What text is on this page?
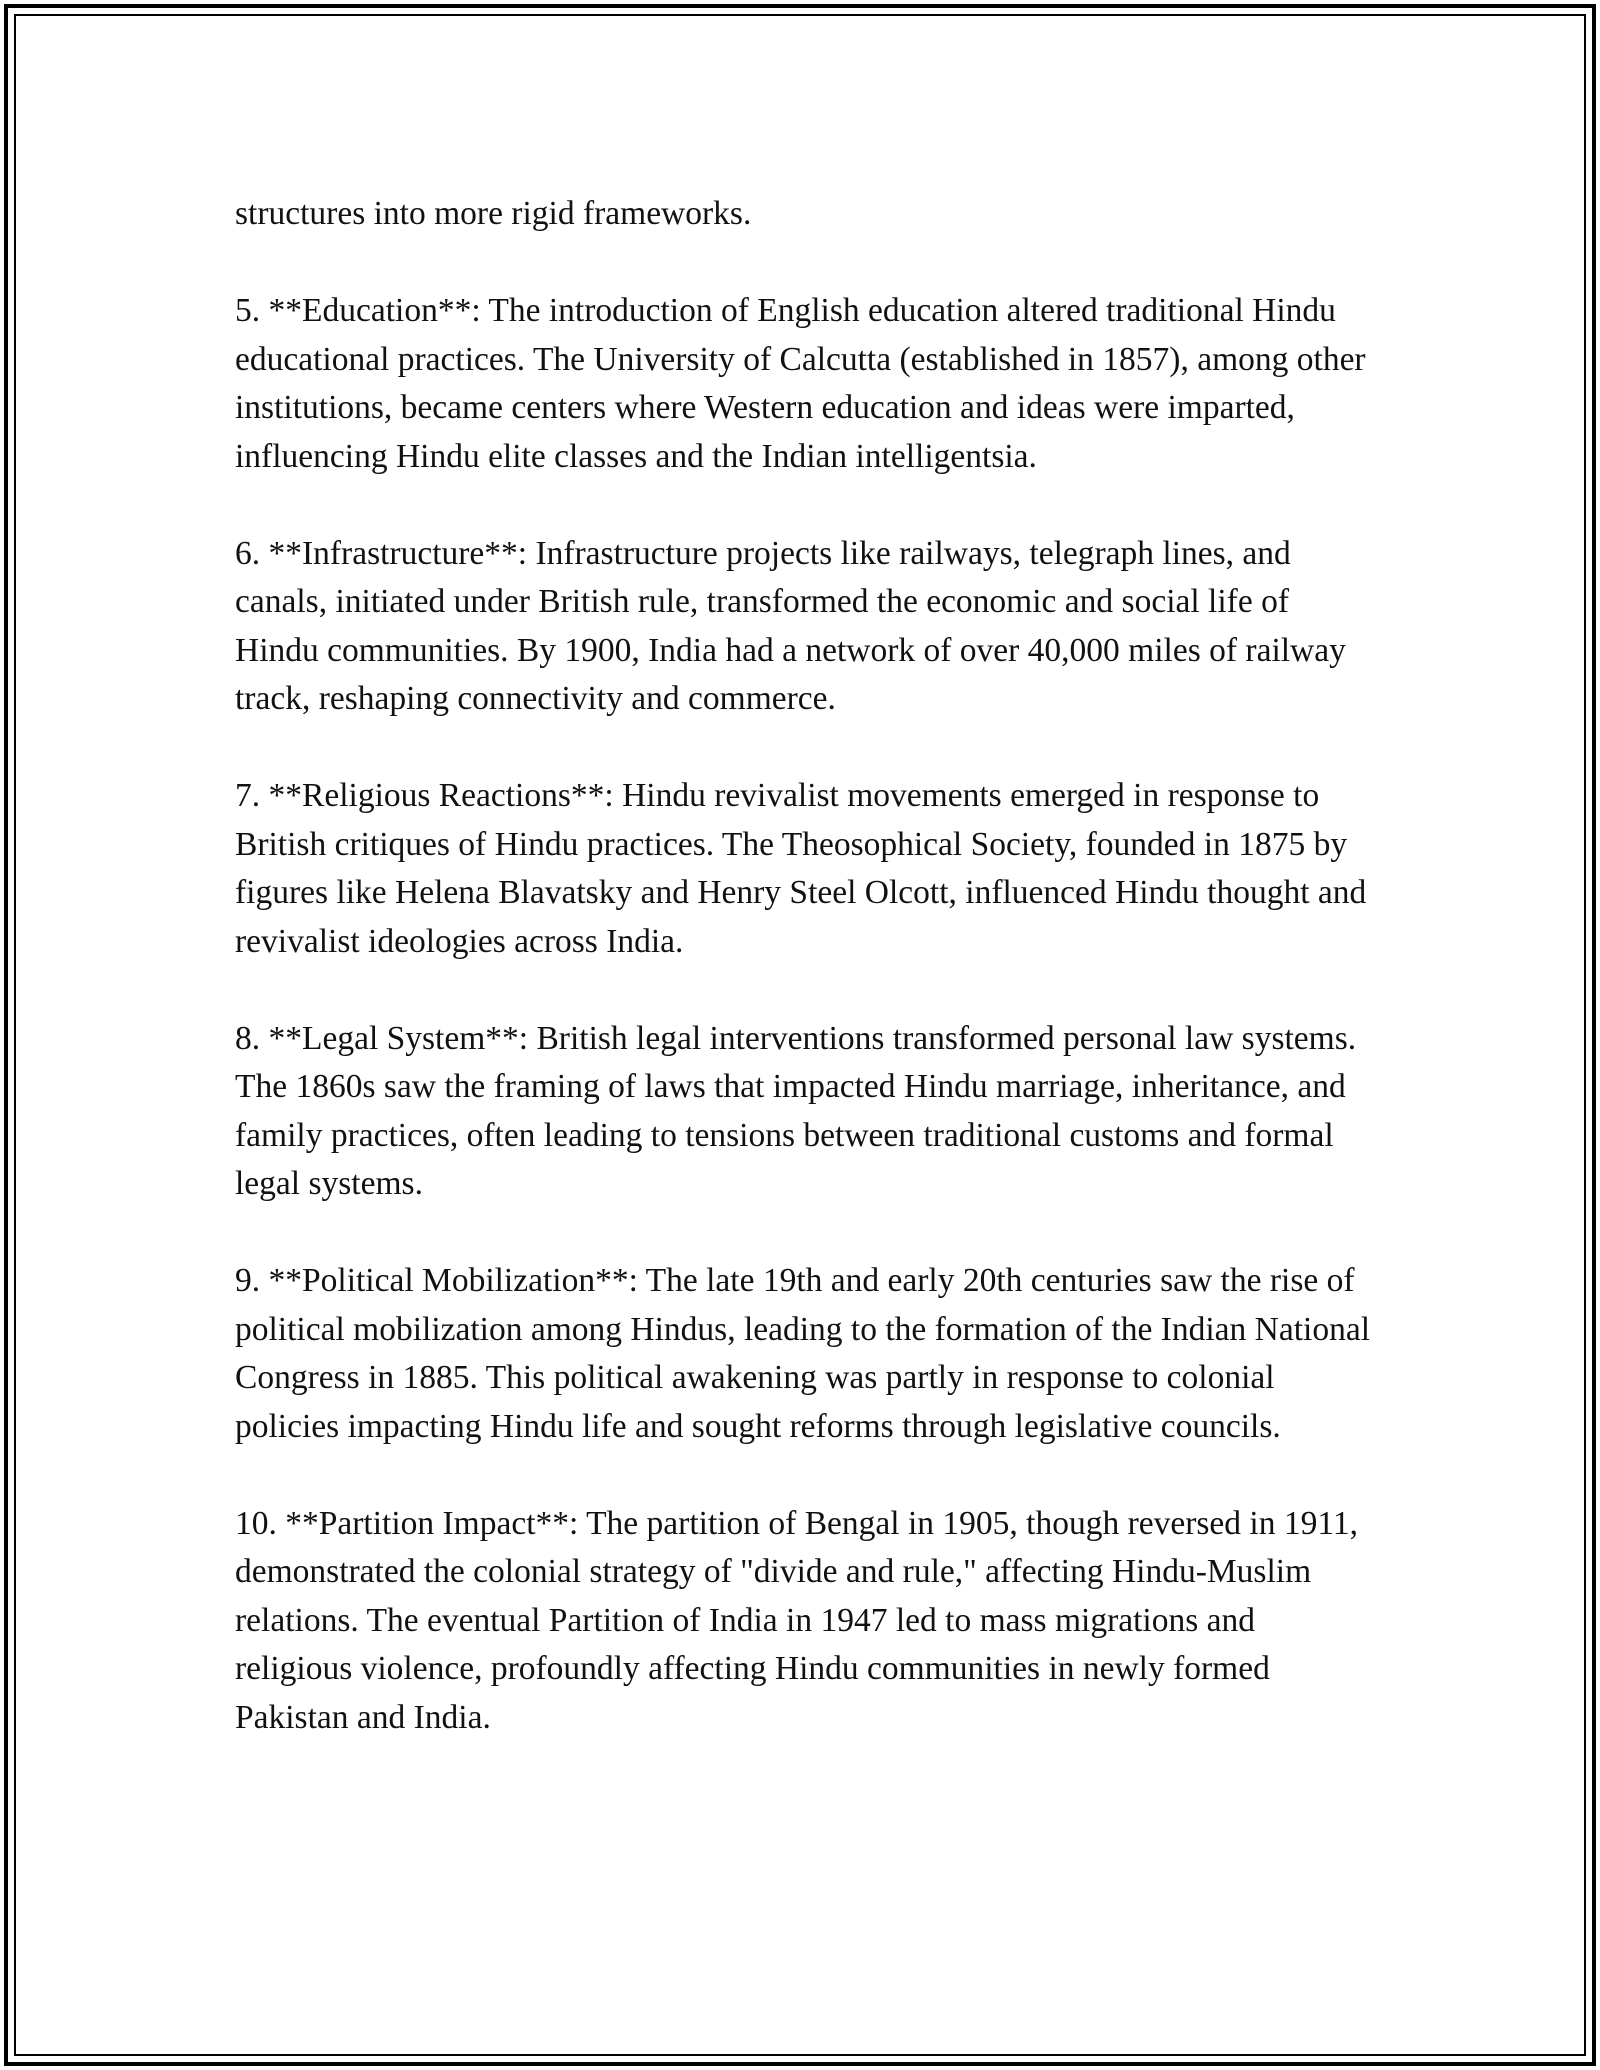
structures into more rigid frameworks.

5. **Education**: The introduction of English education altered traditional Hindu educational practices. The University of Calcutta (established in 1857), among other institutions, became centers where Western education and ideas were imparted, influencing Hindu elite classes and the Indian intelligentsia.

6. **Infrastructure**: Infrastructure projects like railways, telegraph lines, and canals, initiated under British rule, transformed the economic and social life of Hindu communities. By 1900, India had a network of over 40,000 miles of railway track, reshaping connectivity and commerce.

7. **Religious Reactions**: Hindu revivalist movements emerged in response to British critiques of Hindu practices. The Theosophical Society, founded in 1875 by figures like Helena Blavatsky and Henry Steel Olcott, influenced Hindu thought and revivalist ideologies across India.

8. **Legal System**: British legal interventions transformed personal law systems. The 1860s saw the framing of laws that impacted Hindu marriage, inheritance, and family practices, often leading to tensions between traditional customs and formal legal systems.

9. **Political Mobilization**: The late 19th and early 20th centuries saw the rise of political mobilization among Hindus, leading to the formation of the Indian National Congress in 1885. This political awakening was partly in response to colonial policies impacting Hindu life and sought reforms through legislative councils.

10. **Partition Impact**: The partition of Bengal in 1905, though reversed in 1911, demonstrated the colonial strategy of "divide and rule," affecting Hindu-Muslim relations. The eventual Partition of India in 1947 led to mass migrations and religious violence, profoundly affecting Hindu communities in newly formed Pakistan and India.
